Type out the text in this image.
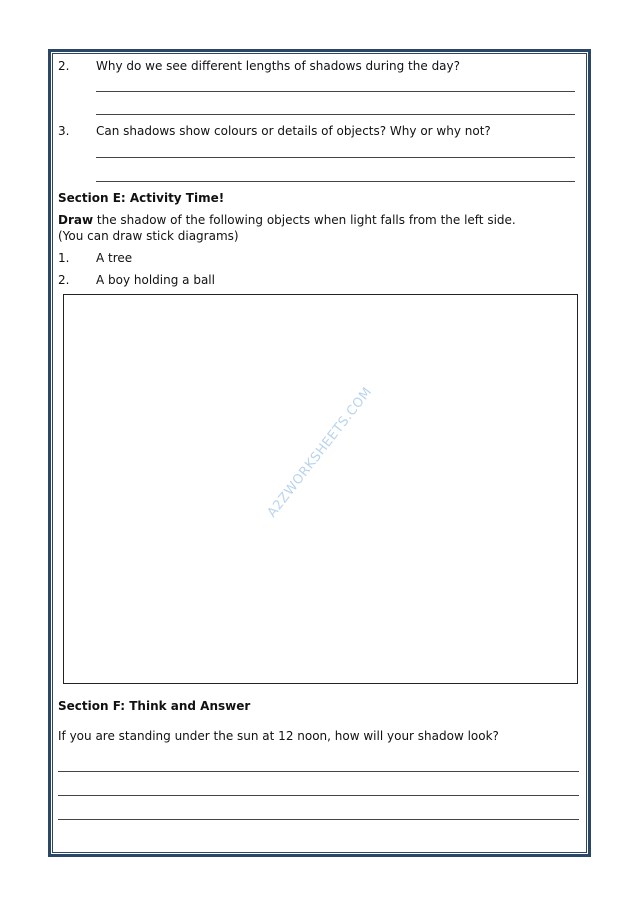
2. Why do we see different lengths of shadows during the day?
3. Can shadows show colours or details of objects? Why or why not?
Section E: Activity Time!
Draw the shadow of the following objects when light falls from the left side.
(You can draw stick diagrams)
1. A tree
2. A boy holding a ball
A2ZWORKSHEETS.COM
Section F: Think and Answer
If you are standing under the sun at 12 noon, how will your shadow look?
